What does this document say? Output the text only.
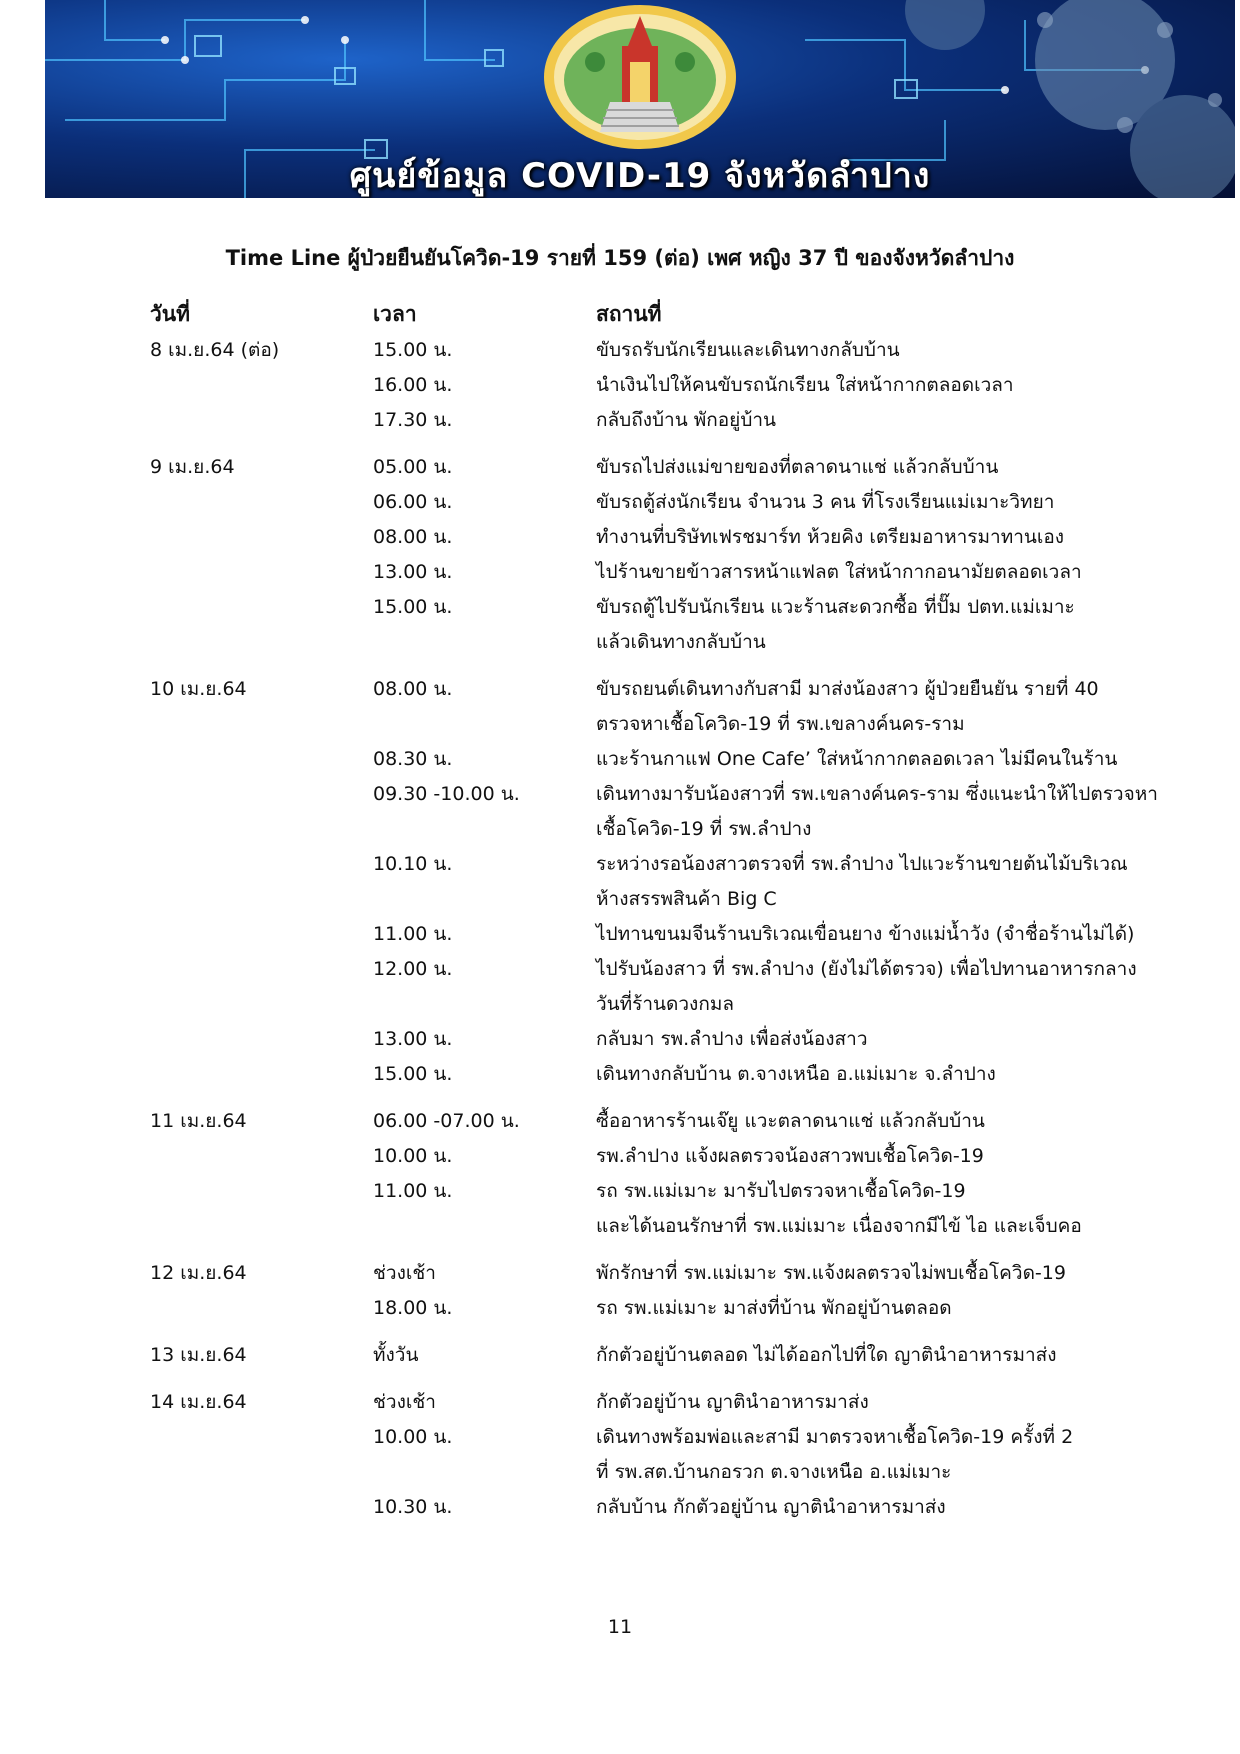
ศูนย์ข้อมูล COVID-19 จังหวัดลำปาง
Time Line ผู้ป่วยยืนยันโควิด-19 รายที่ 159 (ต่อ) เพศ หญิง 37 ปี ของจังหวัดลำปาง
วันที่	เวลา	สถานที่
8 เม.ย.64 (ต่อ)	15.00 น.	ขับรถรับนักเรียนและเดินทางกลับบ้าน
16.00 น.	นำเงินไปให้คนขับรถนักเรียน ใส่หน้ากากตลอดเวลา
17.30 น.	กลับถึงบ้าน พักอยู่บ้าน
9 เม.ย.64	05.00 น.	ขับรถไปส่งแม่ขายของที่ตลาดนาแช่ แล้วกลับบ้าน
06.00 น.	ขับรถตู้ส่งนักเรียน จำนวน 3 คน ที่โรงเรียนแม่เมาะวิทยา
08.00 น.	ทำงานที่บริษัทเฟรชมาร์ท ห้วยคิง เตรียมอาหารมาทานเอง
13.00 น.	ไปร้านขายข้าวสารหน้าแฟลต ใส่หน้ากากอนามัยตลอดเวลา
15.00 น.	ขับรถตู้ไปรับนักเรียน แวะร้านสะดวกซื้อ ที่ปั๊ม ปตท.แม่เมาะ
แล้วเดินทางกลับบ้าน
10 เม.ย.64	08.00 น.	ขับรถยนต์เดินทางกับสามี มาส่งน้องสาว ผู้ป่วยยืนยัน รายที่ 40
ตรวจหาเชื้อโควิด-19 ที่ รพ.เขลางค์นคร-ราม
08.30 น.	แวะร้านกาแฟ One Cafe’ ใส่หน้ากากตลอดเวลา ไม่มีคนในร้าน
09.30 -10.00 น.	เดินทางมารับน้องสาวที่ รพ.เขลางค์นคร-ราม ซึ่งแนะนำให้ไปตรวจหา
เชื้อโควิด-19 ที่ รพ.ลำปาง
10.10 น.	ระหว่างรอน้องสาวตรวจที่ รพ.ลำปาง ไปแวะร้านขายต้นไม้บริเวณ
ห้างสรรพสินค้า Big C
11.00 น.	ไปทานขนมจีนร้านบริเวณเขื่อนยาง ข้างแม่น้ำวัง (จำชื่อร้านไม่ได้)
12.00 น.	ไปรับน้องสาว ที่ รพ.ลำปาง (ยังไม่ได้ตรวจ) เพื่อไปทานอาหารกลาง
วันที่ร้านดวงกมล
13.00 น.	กลับมา รพ.ลำปาง เพื่อส่งน้องสาว
15.00 น.	เดินทางกลับบ้าน ต.จางเหนือ อ.แม่เมาะ จ.ลำปาง
11 เม.ย.64	06.00 -07.00 น.	ซื้ออาหารร้านเจ๊ยู แวะตลาดนาแช่ แล้วกลับบ้าน
10.00 น.	รพ.ลำปาง แจ้งผลตรวจน้องสาวพบเชื้อโควิด-19
11.00 น.	รถ รพ.แม่เมาะ มารับไปตรวจหาเชื้อโควิด-19
และได้นอนรักษาที่ รพ.แม่เมาะ เนื่องจากมีไข้ ไอ และเจ็บคอ
12 เม.ย.64	ช่วงเช้า	พักรักษาที่ รพ.แม่เมาะ รพ.แจ้งผลตรวจไม่พบเชื้อโควิด-19
18.00 น.	รถ รพ.แม่เมาะ มาส่งที่บ้าน พักอยู่บ้านตลอด
13 เม.ย.64	ทั้งวัน	กักตัวอยู่บ้านตลอด ไม่ได้ออกไปที่ใด ญาตินำอาหารมาส่ง
14 เม.ย.64	ช่วงเช้า	กักตัวอยู่บ้าน ญาตินำอาหารมาส่ง
10.00 น.	เดินทางพร้อมพ่อและสามี มาตรวจหาเชื้อโควิด-19 ครั้งที่ 2
ที่ รพ.สต.บ้านกอรวก ต.จางเหนือ อ.แม่เมาะ
10.30 น.	กลับบ้าน กักตัวอยู่บ้าน ญาตินำอาหารมาส่ง
11
